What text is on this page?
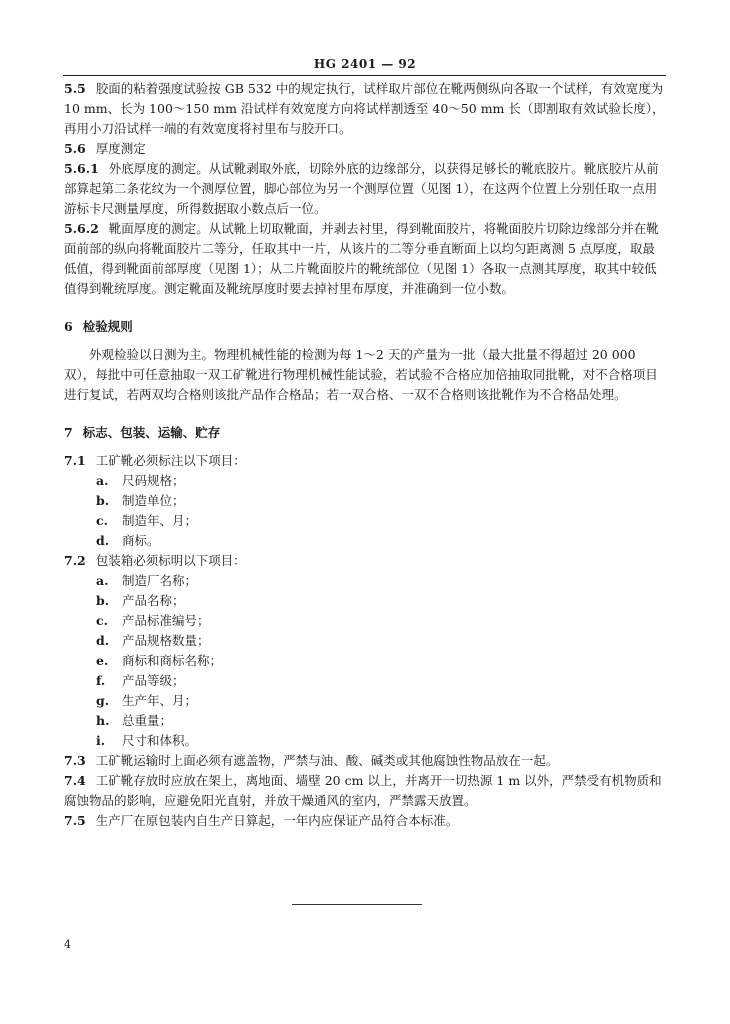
HG 2401 — 92

5.5 胶面的粘着强度试验按 GB 532 中的规定执行，试样取片部位在靴两侧纵向各取一个试样，有效宽度为 10 mm、长为 100～150 mm 沿试样有效宽度方向将试样割透至 40～50 mm 长（即割取有效试验长度），再用小刀沿试样一端的有效宽度将衬里布与胶开口。

5.6 厚度测定

5.6.1 外底厚度的测定。从试靴剥取外底，切除外底的边缘部分，以获得足够长的靴底胶片。靴底胶片从前部算起第二条花纹为一个测厚位置，脚心部位为另一个测厚位置（见图 1），在这两个位置上分别任取一点用游标卡尺测量厚度，所得数据取小数点后一位。

5.6.2 靴面厚度的测定。从试靴上切取靴面，并剥去衬里，得到靴面胶片，将靴面胶片切除边缘部分并在靴面前部的纵向将靴面胶片二等分，任取其中一片，从该片的二等分垂直断面上以均匀距离测 5 点厚度，取最低值，得到靴面前部厚度（见图 1）；从二片靴面胶片的靴统部位（见图 1）各取一点测其厚度，取其中较低值得到靴统厚度。测定靴面及靴统厚度时要去掉衬里布厚度，并准确到一位小数。

6 检验规则

外观检验以日测为主。物理机械性能的检测为每 1～2 天的产量为一批（最大批量不得超过 20 000 双），每批中可任意抽取一双工矿靴进行物理机械性能试验，若试验不合格应加倍抽取同批靴，对不合格项目进行复试，若两双均合格则该批产品作合格品；若一双合格、一双不合格则该批靴作为不合格品处理。

7 标志、包装、运输、贮存

7.1 工矿靴必须标注以下项目：

a. 尺码规格；
b. 制造单位；
c. 制造年、月；
d. 商标。

7.2 包装箱必须标明以下项目：

a. 制造厂名称；
b. 产品名称；
c. 产品标准编号；
d. 产品规格数量；
e. 商标和商标名称；
f. 产品等级；
g. 生产年、月；
h. 总重量；
i. 尺寸和体积。

7.3 工矿靴运输时上面必须有遮盖物，严禁与油、酸、碱类或其他腐蚀性物品放在一起。

7.4 工矿靴存放时应放在架上，离地面、墙壁 20 cm 以上，并离开一切热源 1 m 以外，严禁受有机物质和腐蚀物品的影响，应避免阳光直射，并放干燥通风的室内，严禁露天放置。

7.5 生产厂在原包装内自生产日算起，一年内应保证产品符合本标准。

4
